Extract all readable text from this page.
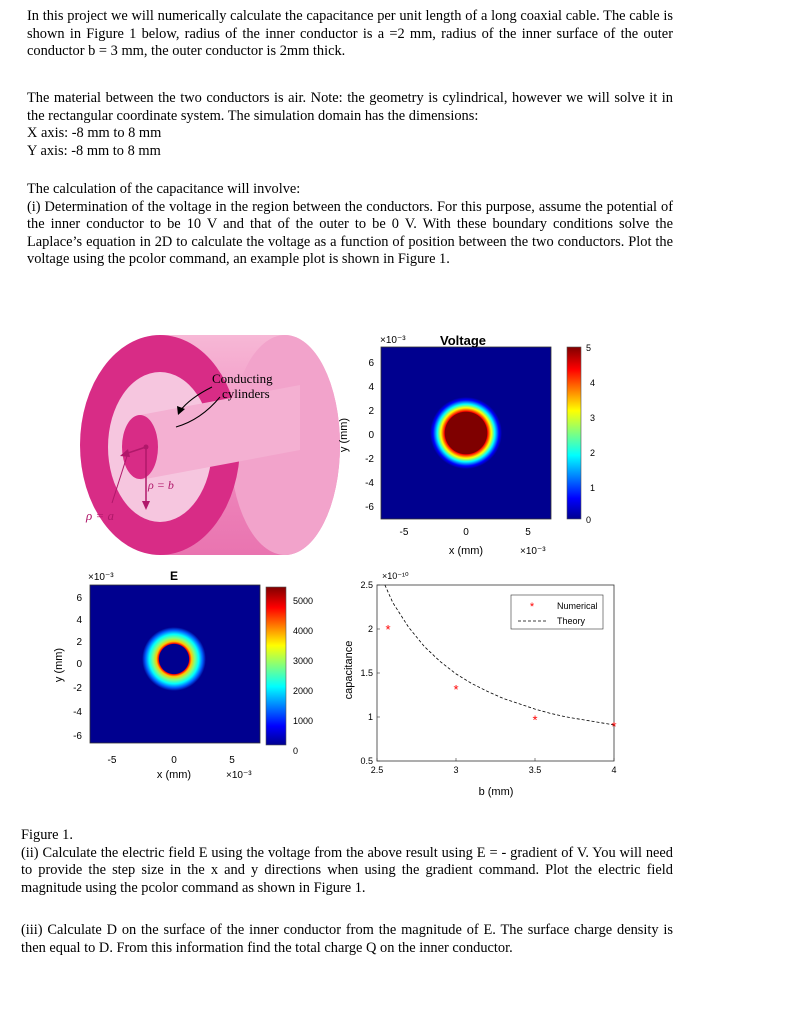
In this project we will numerically calculate the capacitance per unit length of a long coaxial cable. The cable is shown in Figure 1 below, radius of the inner conductor is a =2 mm, radius of the inner surface of the outer conductor b = 3 mm, the outer conductor is 2mm thick.

The material between the two conductors is air. Note: the geometry is cylindrical, however we will solve it in the rectangular coordinate system. The simulation domain has the dimensions:

X axis: -8 mm to 8 mm
Y axis: -8 mm to 8 mm

The calculation of the capacitance will involve:

(i) Determination of the voltage in the region between the conductors. For this purpose, assume the potential of the inner conductor to be 10 V and that of the outer to be 0 V. With these boundary conditions solve the Laplace’s equation in 2D to calculate the voltage as a function of position between the two conductors. Plot the voltage using the pcolor command, an example plot is shown in Figure 1.

Conducting
cylinders
ρ = b
ρ = a
×10⁻³	Voltage
6
4
2
0
-2
-4
-6
y (mm)
-5	0	5
x (mm)	×10⁻³
5
4
3
2
1
0
×10⁻³	E
6
4
2
0
-2
-4
-6
y (mm)
-5	0	5
x (mm)	×10⁻³
5000
4000
3000
2000
1000
0
×10⁻¹⁰
capacitance
b (mm)
2.5	3	3.5	4
2.5
2
1.5
1
0.5
*
*
*	*
*	Numerical
Theory

Figure 1.

(ii) Calculate the electric field E using the voltage from the above result using E = - gradient of V. You will need to provide the step size in the x and y directions when using the gradient command. Plot the electric field magnitude using the pcolor command as shown in Figure 1.

(iii) Calculate D on the surface of the inner conductor from the magnitude of E. The surface charge density is then equal to D. From this information find the total charge Q on the inner conductor.
